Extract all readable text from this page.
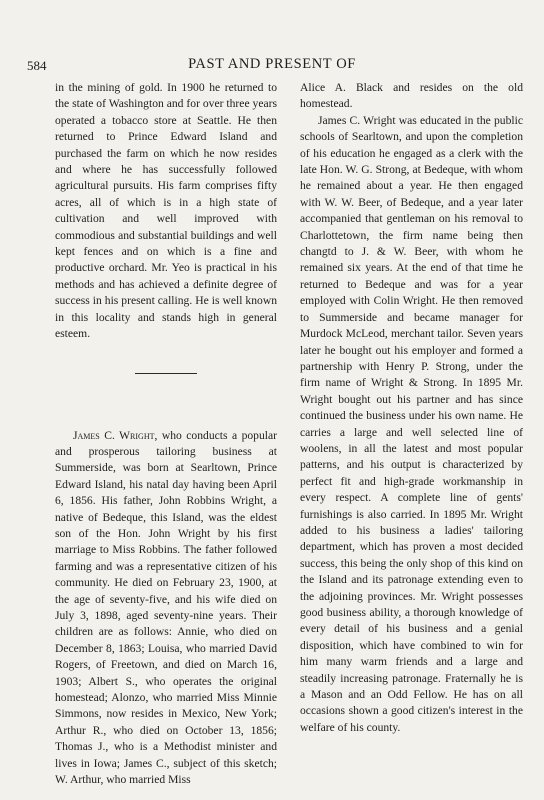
584	PAST AND PRESENT OF

in the mining of gold. In 1900 he returned to the state of Washington and for over three years operated a tobacco store at Seattle. He then returned to Prince Edward Island and purchased the farm on which he now resides and where he has successfully followed agricultural pursuits. His farm comprises fifty acres, all of which is in a high state of cultivation and well improved with commodious and substantial buildings and well kept fences and on which is a fine and productive orchard. Mr. Yeo is practical in his methods and has achieved a definite degree of success in his present calling. He is well known in this locality and stands high in general esteem.

James C. Wright, who conducts a popular and prosperous tailoring business at Summerside, was born at Searltown, Prince Edward Island, his natal day having been April 6, 1856. His father, John Robbins Wright, a native of Bedeque, this Island, was the eldest son of the Hon. John Wright by his first marriage to Miss Robbins. The father followed farming and was a representative citizen of his community. He died on February 23, 1900, at the age of seventy-five, and his wife died on July 3, 1898, aged seventy-nine years. Their children are as follows: Annie, who died on December 8, 1863; Louisa, who married David Rogers, of Freetown, and died on March 16, 1903; Albert S., who operates the original homestead; Alonzo, who married Miss Minnie Simmons, now resides in Mexico, New York; Arthur R., who died on October 13, 1856; Thomas J., who is a Methodist minister and lives in Iowa; James C., subject of this sketch; W. Arthur, who married Miss

Alice A. Black and resides on the old homestead.

James C. Wright was educated in the public schools of Searltown, and upon the completion of his education he engaged as a clerk with the late Hon. W. G. Strong, at Bedeque, with whom he remained about a year. He then engaged with W. W. Beer, of Bedeque, and a year later accompanied that gentleman on his removal to Charlottetown, the firm name being then changtd to J. & W. Beer, with whom he remained six years. At the end of that time he returned to Bedeque and was for a year employed with Colin Wright. He then removed to Summerside and became manager for Murdock McLeod, merchant tailor. Seven years later he bought out his employer and formed a partnership with Henry P. Strong, under the firm name of Wright & Strong. In 1895 Mr. Wright bought out his partner and has since continued the business under his own name. He carries a large and well selected line of woolens, in all the latest and most popular patterns, and his output is characterized by perfect fit and high-grade workmanship in every respect. A complete line of gents' furnishings is also carried. In 1895 Mr. Wright added to his business a ladies' tailoring department, which has proven a most decided success, this being the only shop of this kind on the Island and its patronage extending even to the adjoining provinces. Mr. Wright possesses good business ability, a thorough knowledge of every detail of his business and a genial disposition, which have combined to win for him many warm friends and a large and steadily increasing patronage. Fraternally he is a Mason and an Odd Fellow. He has on all occasions shown a good citizen's interest in the welfare of his county.
